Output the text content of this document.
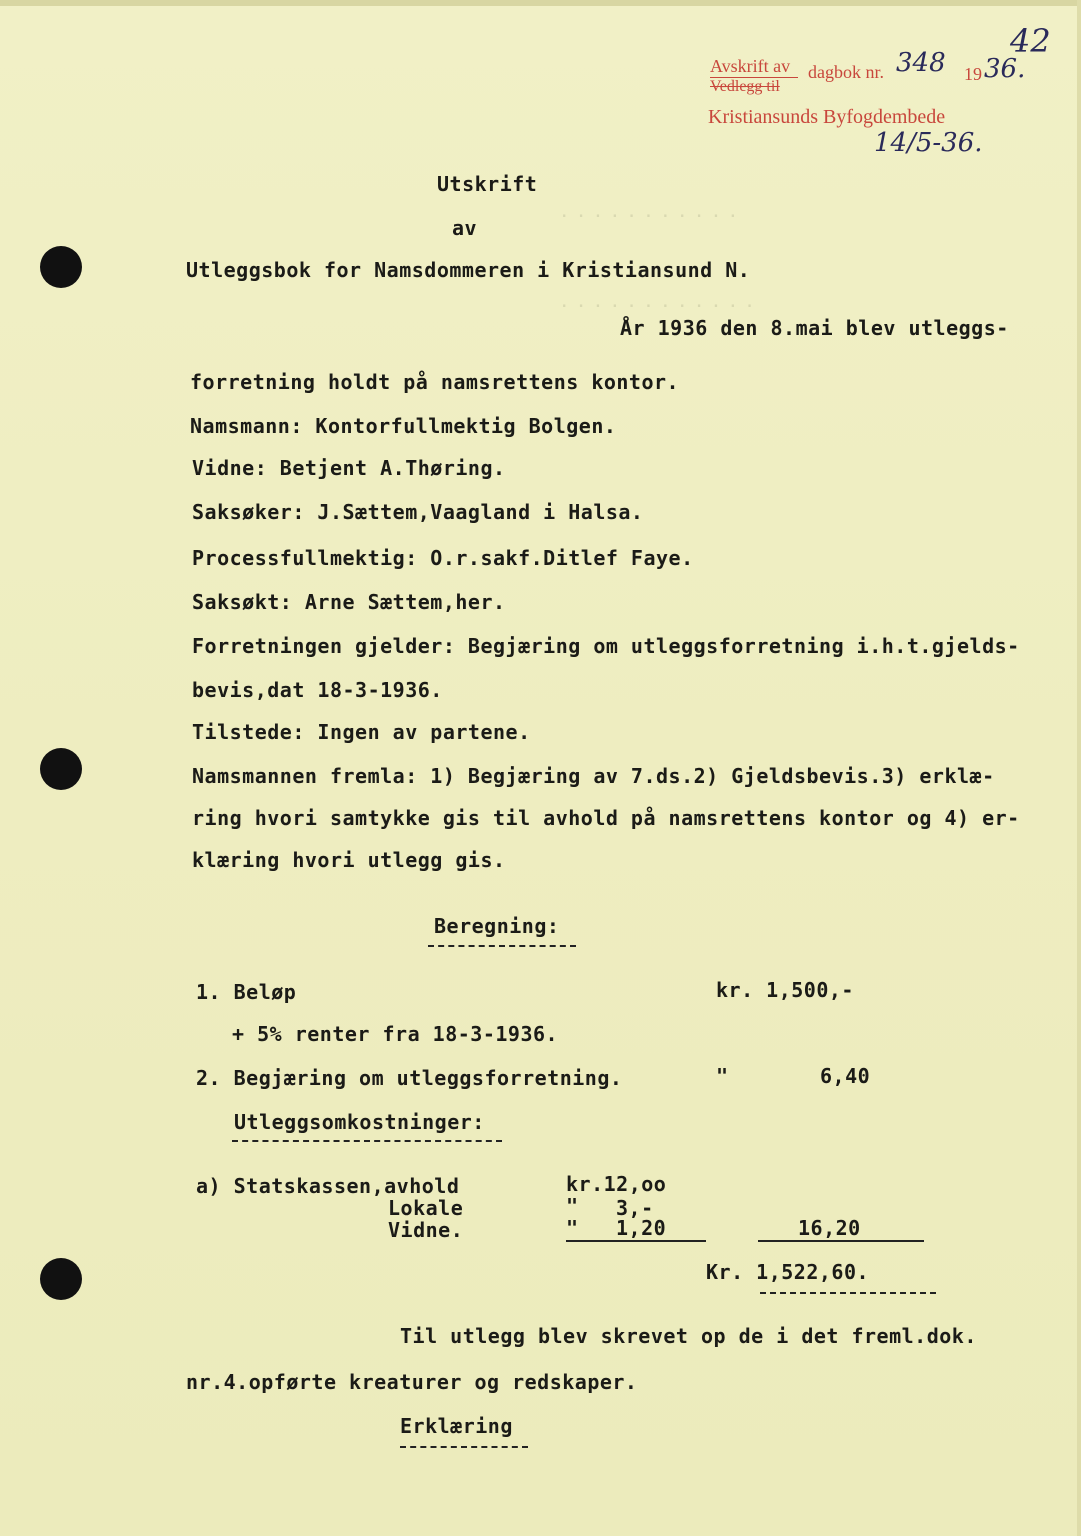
. . . . . . . . . . .
. . . . . . . . . . . .
42
Avskrift av
Vedlegg til
dagbok nr. 348 19 36.
Kristiansunds Byfogdembede
14/5-36.
Utskrift
av
Utleggsbok for Namsdommeren i Kristiansund N.
År 1936 den 8.mai blev utleggs-
forretning holdt på namsrettens kontor.
Namsmann: Kontorfullmektig Bolgen.
Vidne: Betjent A.Thøring.
Saksøker: J.Sættem,Vaagland i Halsa.
Processfullmektig: O.r.sakf.Ditlef Faye.
Saksøkt: Arne Sættem,her.
Forretningen gjelder: Begjæring om utleggsforretning i.h.t.gjelds-
bevis,dat 18-3-1936.
Tilstede: Ingen av partene.
Namsmannen fremla: 1) Begjæring av 7.ds.2) Gjeldsbevis.3) erklæ-
ring hvori samtykke gis til avhold på namsrettens kontor og 4) er-
klæring hvori utlegg gis.
Beregning:
1. Beløp	kr. 1,500,-
+ 5% renter fra 18-3-1936.
2. Begjæring om utleggsforretning.	"	6,40
Utleggsomkostninger:
a) Statskassen,avhold	kr.12,oo
Lokale	" 3,-
Vidne.	" 1,20	16,20
Kr. 1,522,60.
Til utlegg blev skrevet op de i det freml.dok.
nr.4.opførte kreaturer og redskaper.
Erklæring
